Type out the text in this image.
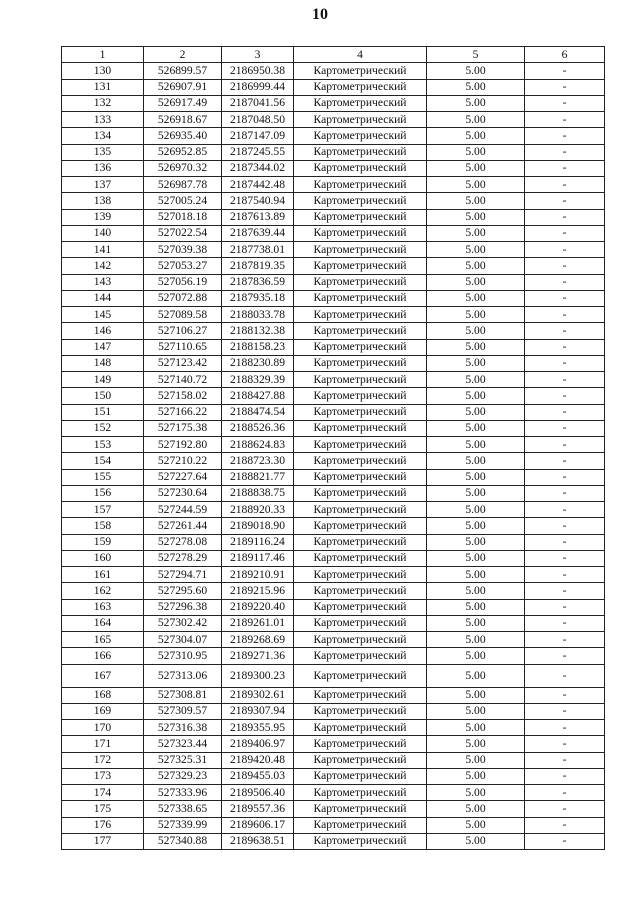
10
1	2	3	4	5	6
130	526899.57	2186950.38	Картометрический	5.00	-
131	526907.91	2186999.44	Картометрический	5.00	-
132	526917.49	2187041.56	Картометрический	5.00	-
133	526918.67	2187048.50	Картометрический	5.00	-
134	526935.40	2187147.09	Картометрический	5.00	-
135	526952.85	2187245.55	Картометрический	5.00	-
136	526970.32	2187344.02	Картометрический	5.00	-
137	526987.78	2187442.48	Картометрический	5.00	-
138	527005.24	2187540.94	Картометрический	5.00	-
139	527018.18	2187613.89	Картометрический	5.00	-
140	527022.54	2187639.44	Картометрический	5.00	-
141	527039.38	2187738.01	Картометрический	5.00	-
142	527053.27	2187819.35	Картометрический	5.00	-
143	527056.19	2187836.59	Картометрический	5.00	-
144	527072.88	2187935.18	Картометрический	5.00	-
145	527089.58	2188033.78	Картометрический	5.00	-
146	527106.27	2188132.38	Картометрический	5.00	-
147	527110.65	2188158.23	Картометрический	5.00	-
148	527123.42	2188230.89	Картометрический	5.00	-
149	527140.72	2188329.39	Картометрический	5.00	-
150	527158.02	2188427.88	Картометрический	5.00	-
151	527166.22	2188474.54	Картометрический	5.00	-
152	527175.38	2188526.36	Картометрический	5.00	-
153	527192.80	2188624.83	Картометрический	5.00	-
154	527210.22	2188723.30	Картометрический	5.00	-
155	527227.64	2188821.77	Картометрический	5.00	-
156	527230.64	2188838.75	Картометрический	5.00	-
157	527244.59	2188920.33	Картометрический	5.00	-
158	527261.44	2189018.90	Картометрический	5.00	-
159	527278.08	2189116.24	Картометрический	5.00	-
160	527278.29	2189117.46	Картометрический	5.00	-
161	527294.71	2189210.91	Картометрический	5.00	-
162	527295.60	2189215.96	Картометрический	5.00	-
163	527296.38	2189220.40	Картометрический	5.00	-
164	527302.42	2189261.01	Картометрический	5.00	-
165	527304.07	2189268.69	Картометрический	5.00	-
166	527310.95	2189271.36	Картометрический	5.00	-
167	527313.06	2189300.23	Картометрический	5.00	-
168	527308.81	2189302.61	Картометрический	5.00	-
169	527309.57	2189307.94	Картометрический	5.00	-
170	527316.38	2189355.95	Картометрический	5.00	-
171	527323.44	2189406.97	Картометрический	5.00	-
172	527325.31	2189420.48	Картометрический	5.00	-
173	527329.23	2189455.03	Картометрический	5.00	-
174	527333.96	2189506.40	Картометрический	5.00	-
175	527338.65	2189557.36	Картометрический	5.00	-
176	527339.99	2189606.17	Картометрический	5.00	-
177	527340.88	2189638.51	Картометрический	5.00	-
